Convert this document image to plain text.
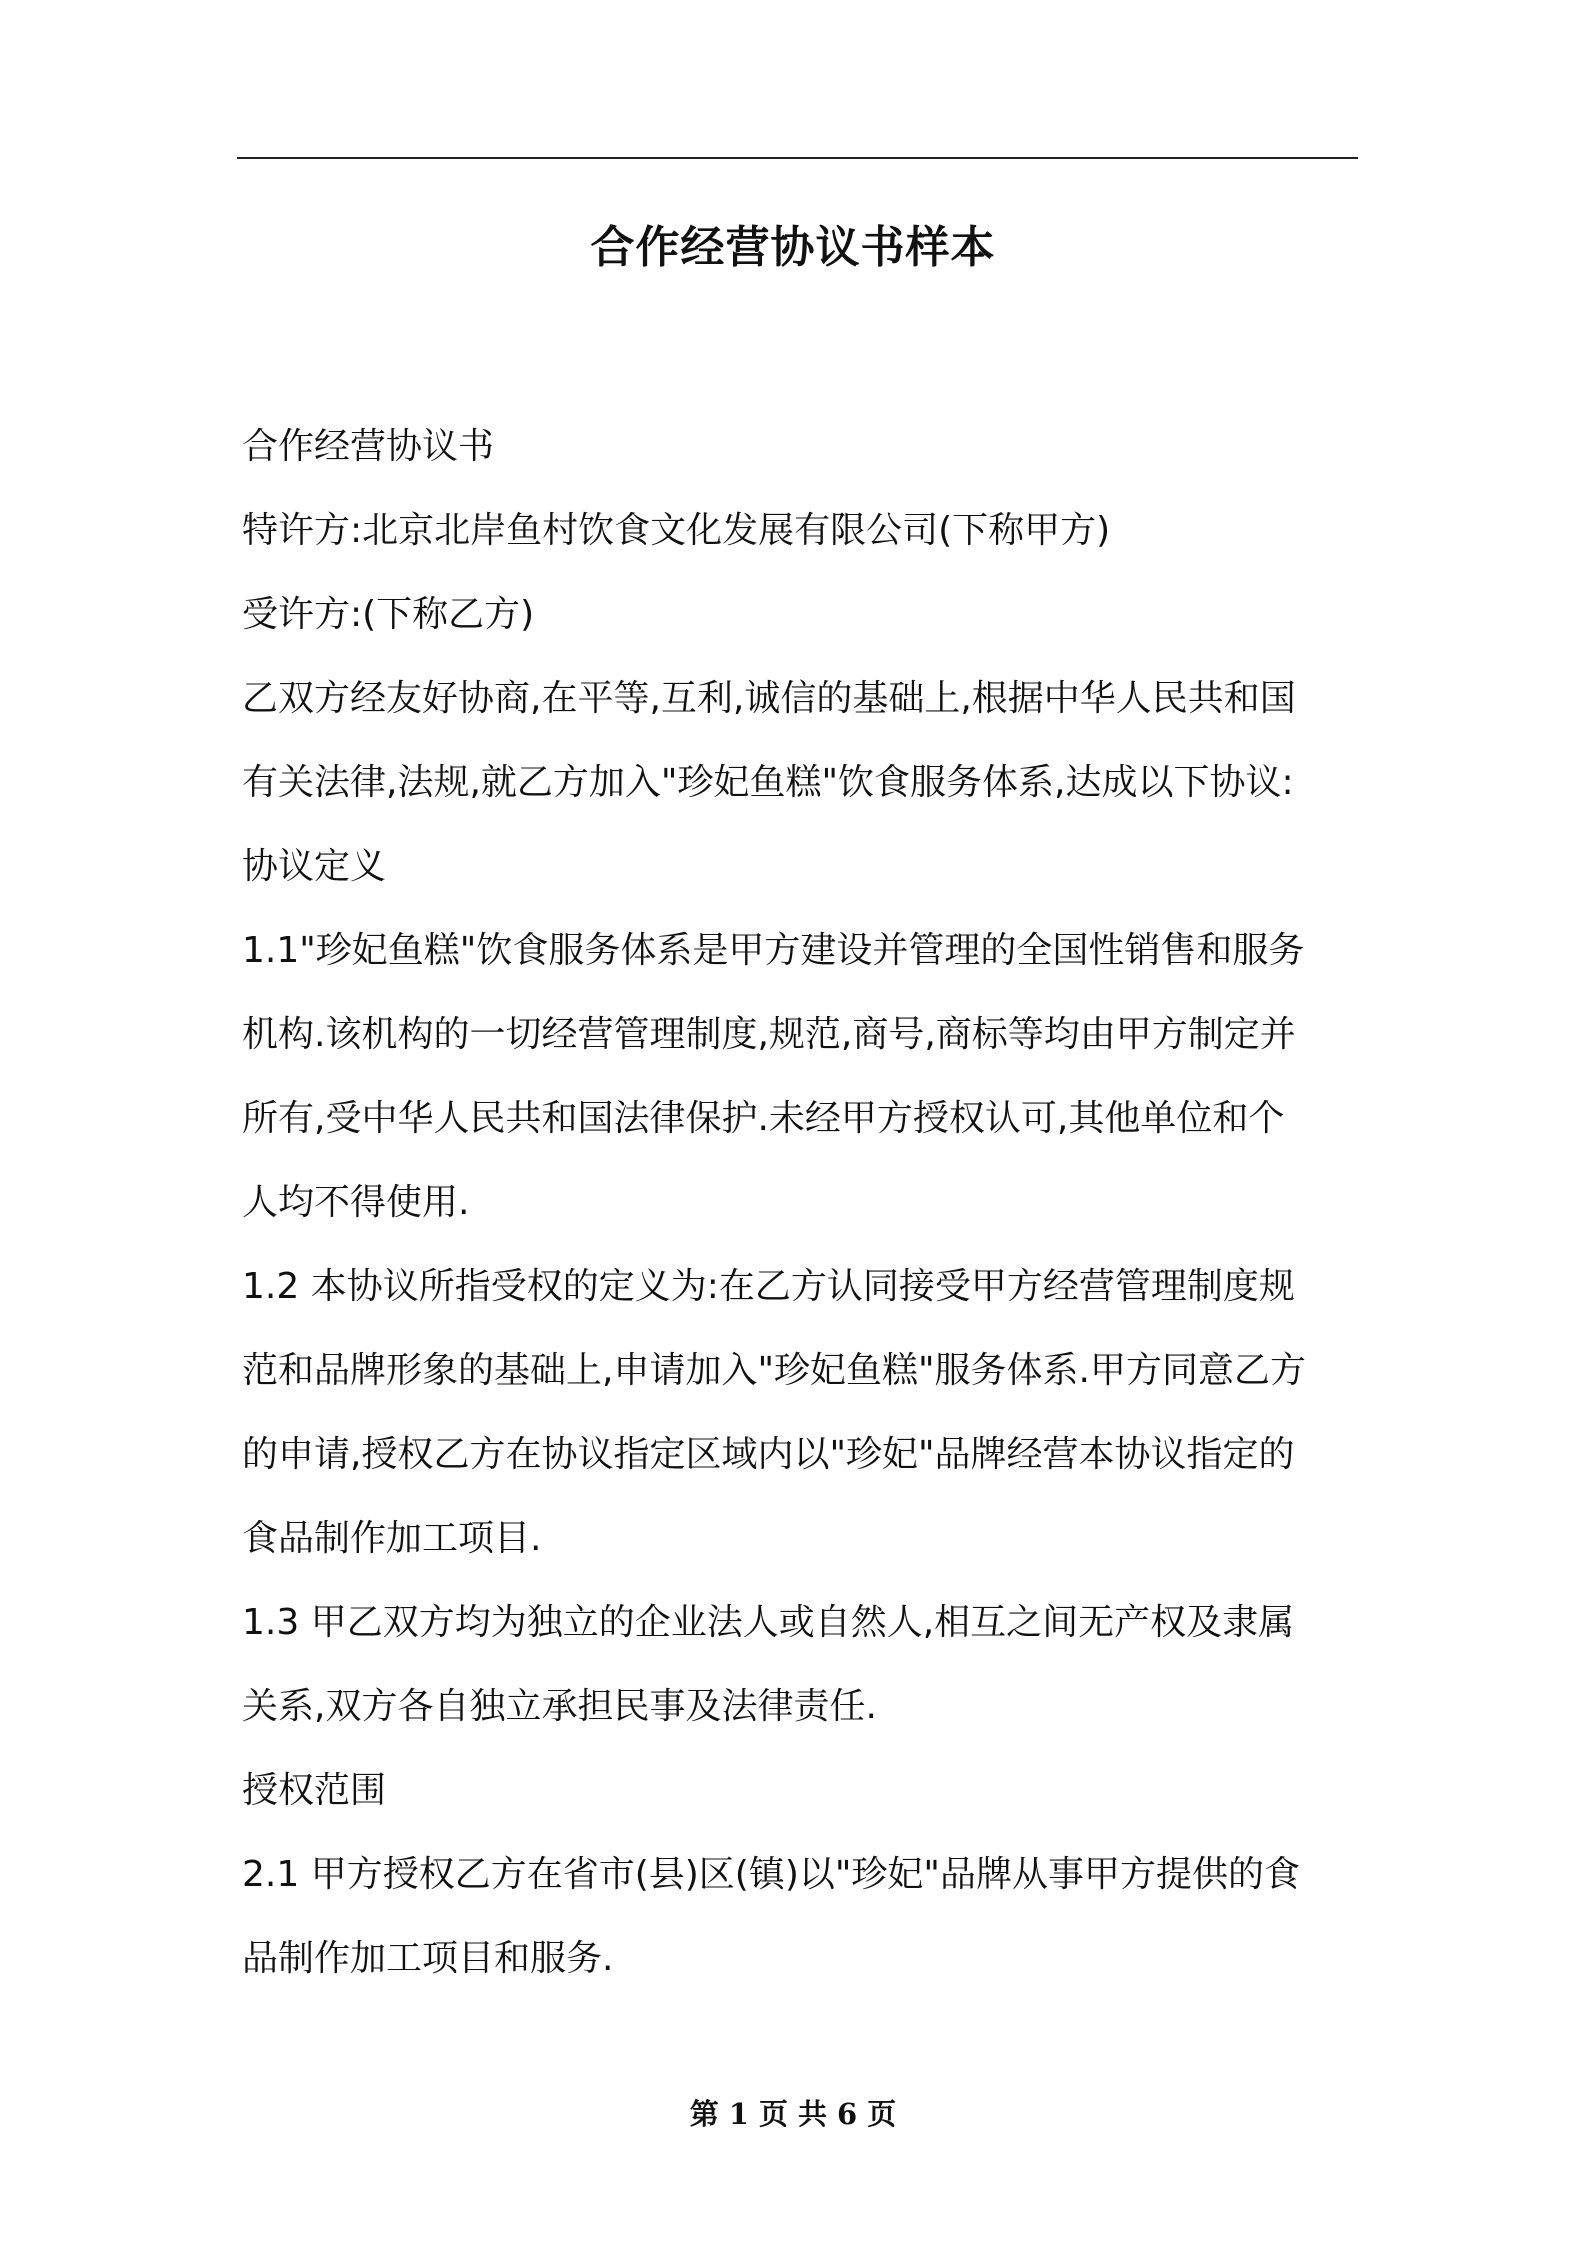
合作经营协议书样本

合作经营协议书

特许方:北京北岸鱼村饮食文化发展有限公司(下称甲方)

受许方:(下称乙方)

乙双方经友好协商,在平等,互利,诚信的基础上,根据中华人民共和国

有关法律,法规,就乙方加入"珍妃鱼糕"饮食服务体系,达成以下协议:

协议定义

1.1"珍妃鱼糕"饮食服务体系是甲方建设并管理的全国性销售和服务

机构.该机构的一切经营管理制度,规范,商号,商标等均由甲方制定并

所有,受中华人民共和国法律保护.未经甲方授权认可,其他单位和个

人均不得使用.

1.2 本协议所指受权的定义为:在乙方认同接受甲方经营管理制度规

范和品牌形象的基础上,申请加入"珍妃鱼糕"服务体系.甲方同意乙方

的申请,授权乙方在协议指定区域内以"珍妃"品牌经营本协议指定的

食品制作加工项目.

1.3 甲乙双方均为独立的企业法人或自然人,相互之间无产权及隶属

关系,双方各自独立承担民事及法律责任.

授权范围

2.1 甲方授权乙方在省市(县)区(镇)以"珍妃"品牌从事甲方提供的食

品制作加工项目和服务.

第 1 页 共 6 页
